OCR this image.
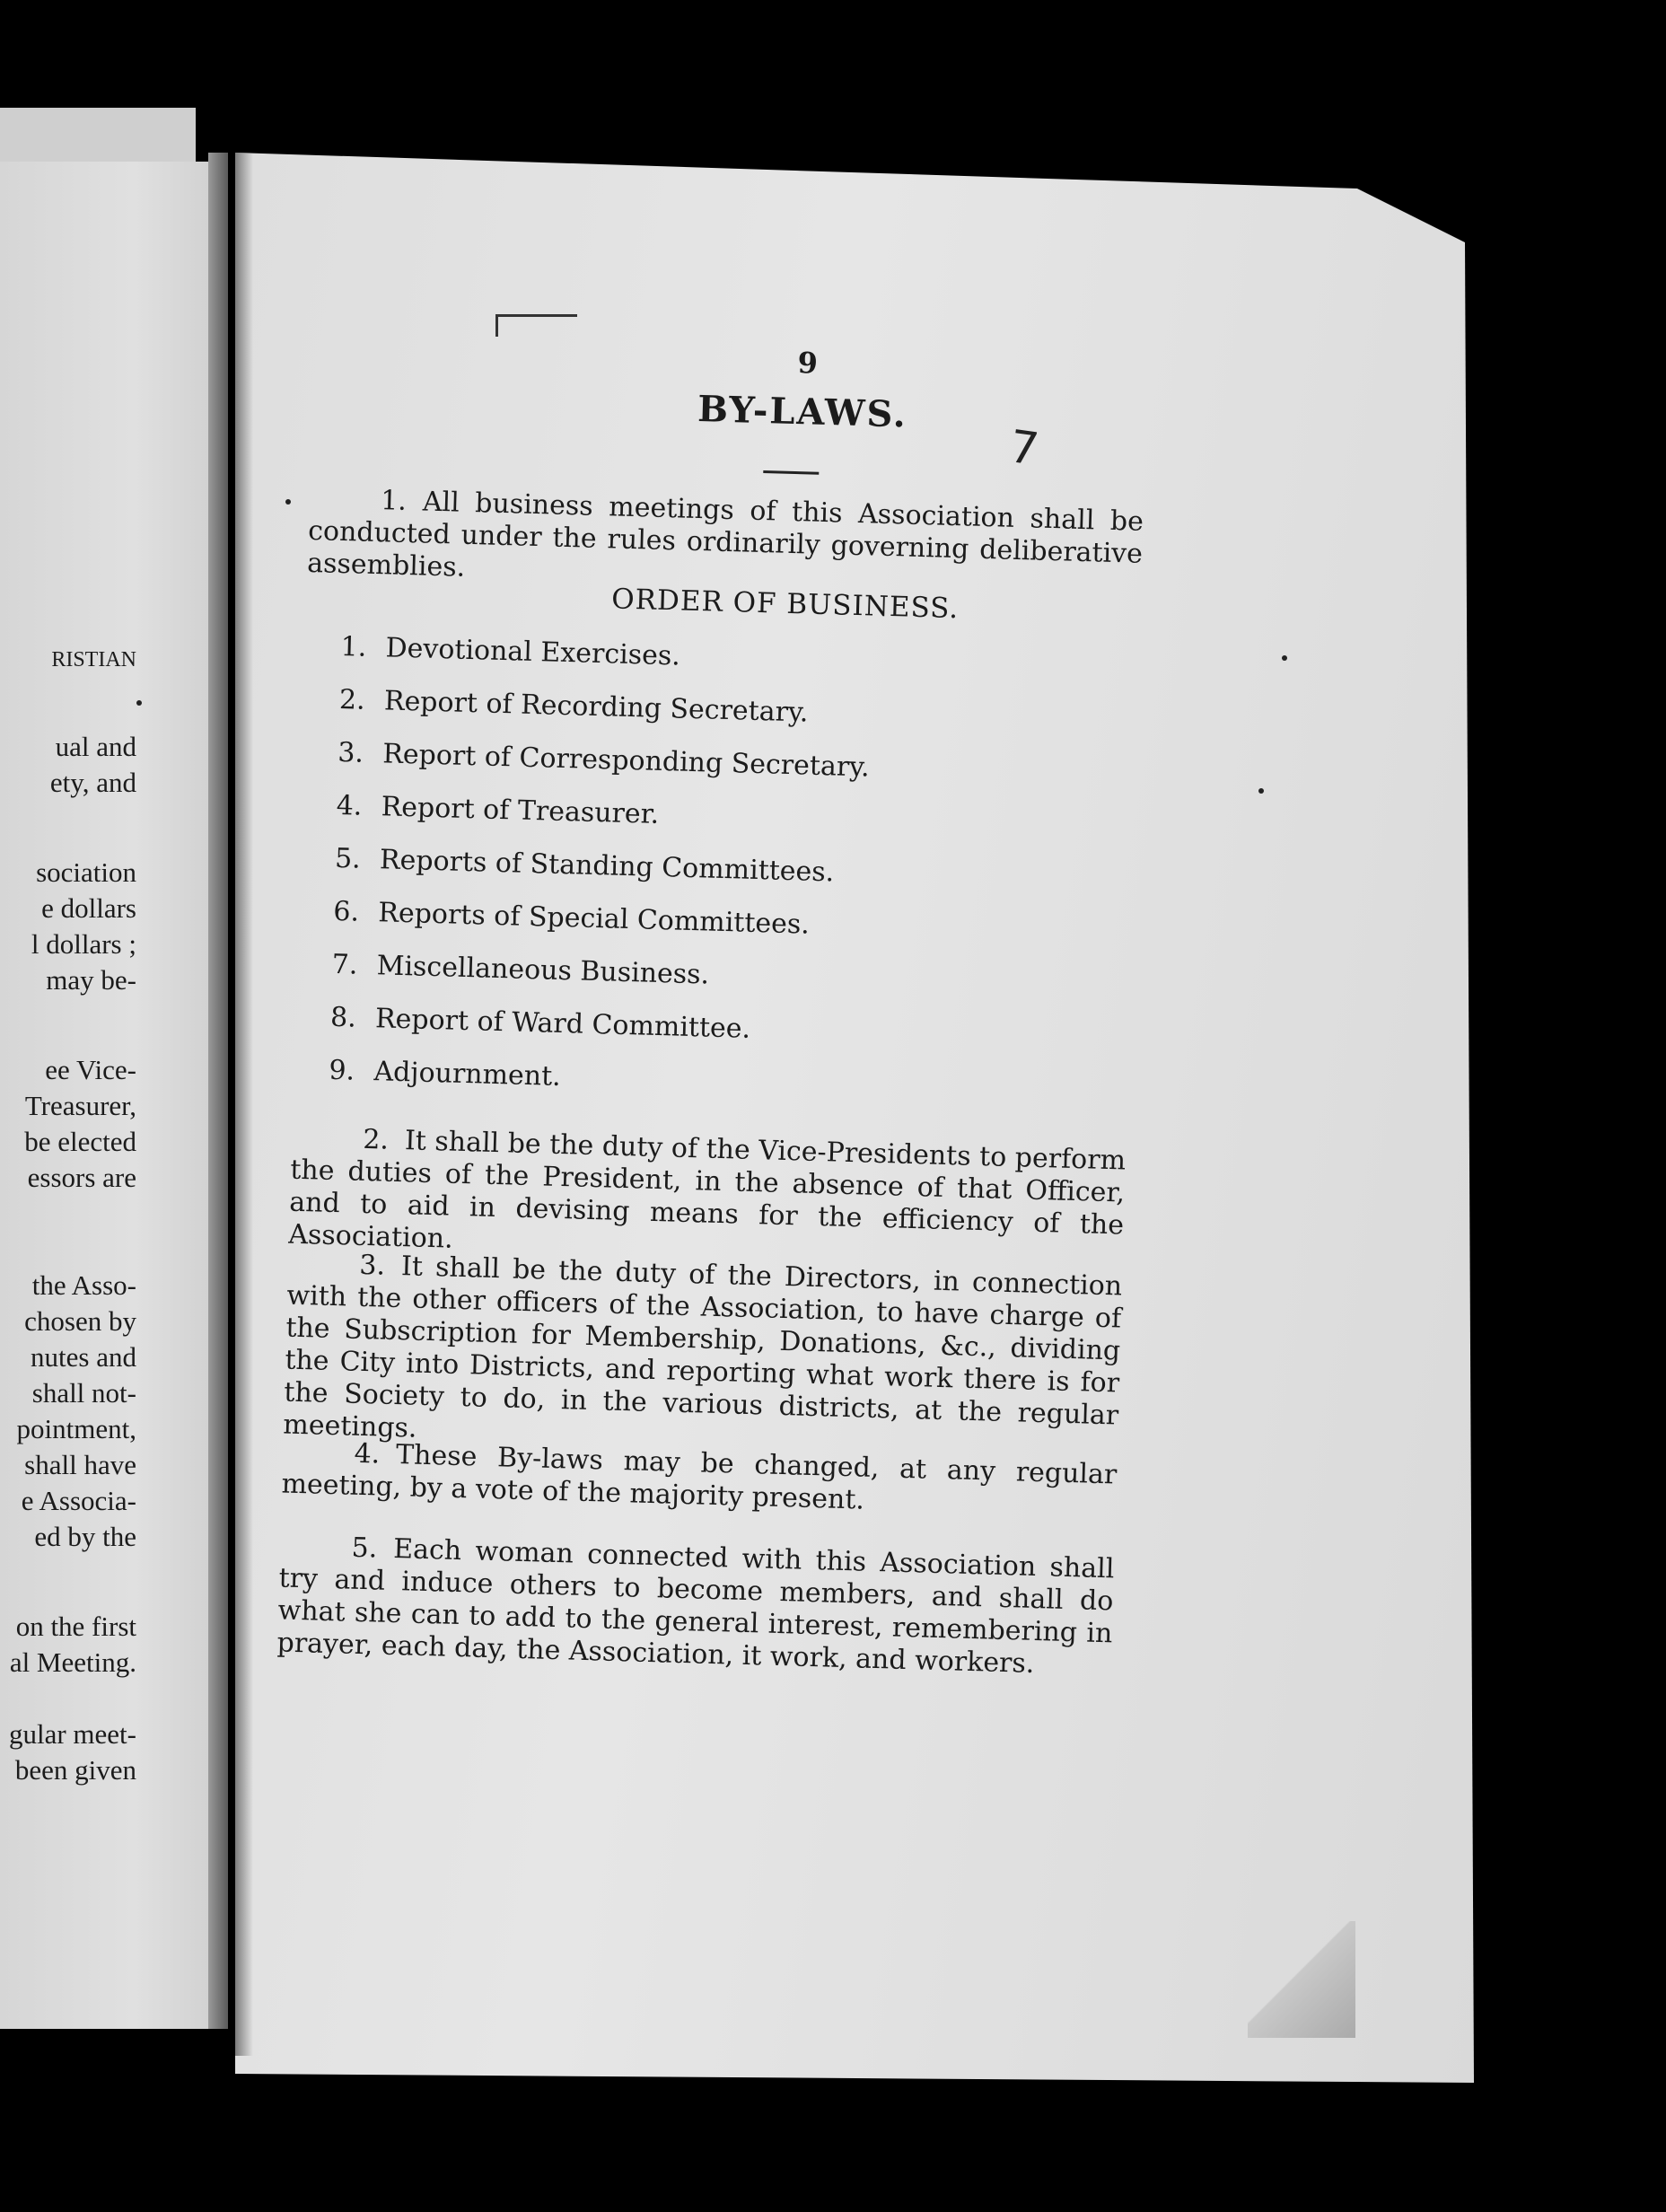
RISTIAN
ual and
ety, and
sociation
e dollars
l dollars ;
may be-
ee Vice-
Treasurer,
be elected
essors are
the Asso-
chosen by
nutes and
shall not-
pointment,
shall have
e Associa-
ed by the
on the first
al Meeting.
gular meet-
been given
7
9
BY-LAWS.
1. All business meetings of this Association shall be conducted under the rules ordinarily governing deliberative assemblies.
ORDER OF BUSINESS.
1. Devotional Exercises.
2. Report of Recording Secretary.
3. Report of Corresponding Secretary.
4. Report of Treasurer.
5. Reports of Standing Committees.
6. Reports of Special Committees.
7. Miscellaneous Business.
8. Report of Ward Committee.
9. Adjournment.
2. It shall be the duty of the Vice-Presidents to perform the duties of the President, in the absence of that Officer, and to aid in devising means for the efficiency of the Association.
3. It shall be the duty of the Directors, in connection with the other officers of the Association, to have charge of the Subscription for Membership, Donations, &c., dividing the City into Districts, and reporting what work there is for the Society to do, in the various districts, at the regular meetings.
4. These By-laws may be changed, at any regular meeting, by a vote of the majority present.
5. Each woman connected with this Association shall try and induce others to become members, and shall do what she can to add to the general interest, remembering in prayer, each day, the Association, it work, and workers.
